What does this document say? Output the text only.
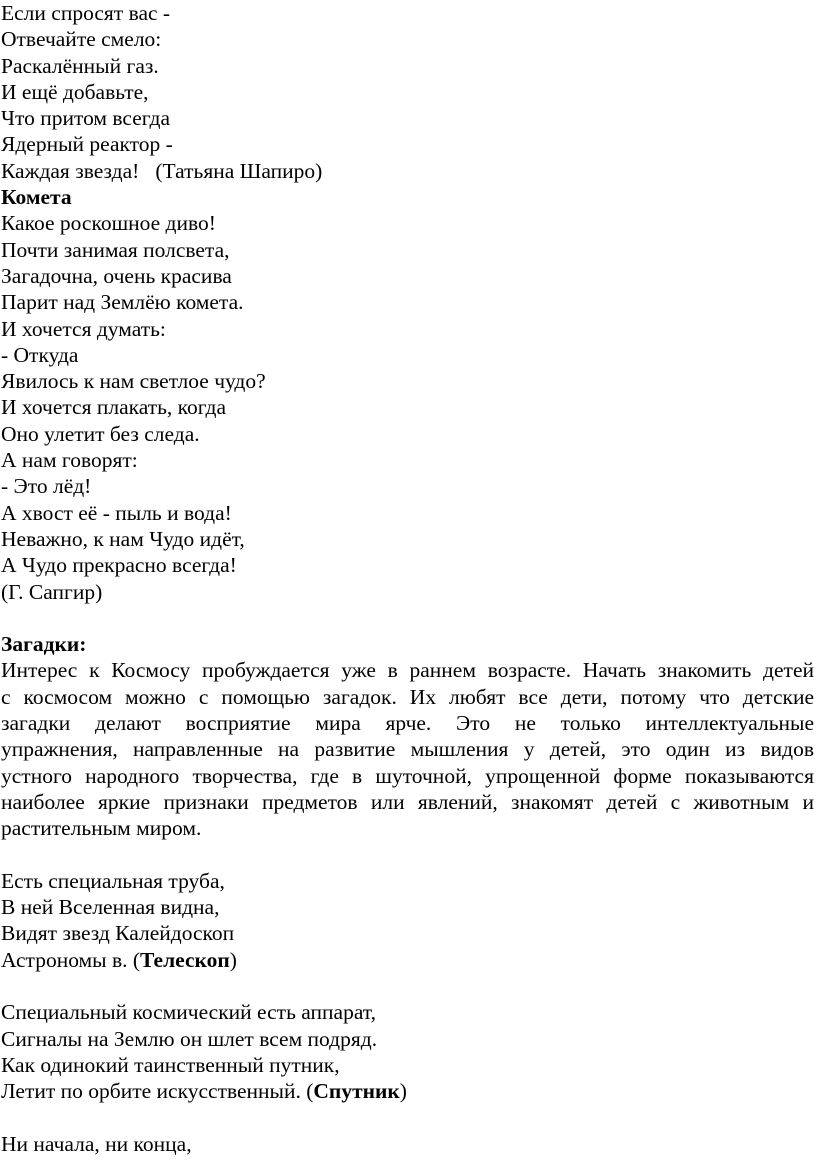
Если спросят вас -
Отвечайте смело:
Раскалённый газ.
И ещё добавьте,
Что притом всегда
Ядерный реактор -
Каждая звезда!   (Татьяна Шапиро)
Комета
Какое роскошное диво!
Почти занимая полсвета,
Загадочна, очень красива
Парит над Землёю комета.
И хочется думать:
- Откуда
Явилось к нам светлое чудо?
И хочется плакать, когда
Оно улетит без следа.
А нам говорят:
- Это лёд!
А хвост её - пыль и вода!
Неважно, к нам Чудо идёт,
А Чудо прекрасно всегда!
(Г. Сапгир)
Загадки:
Интерес к Космосу пробуждается уже в раннем возрасте. Начать знакомить детей
с космосом можно с помощью загадок. Их любят все дети, потому что детские
загадки делают восприятие мира ярче. Это не только интеллектуальные
упражнения, направленные на развитие мышления у детей, это один из видов
устного народного творчества, где в шуточной, упрощенной форме показываются
наиболее яркие признаки предметов или явлений, знакомят детей с животным и
растительным миром.
Есть специальная труба,
В ней Вселенная видна,
Видят звезд Калейдоскоп
Астрономы в. (Телескоп)
Специальный космический есть аппарат,
Сигналы на Землю он шлет всем подряд.
Как одинокий таинственный путник,
Летит по орбите искусственный. (Спутник)
Ни начала, ни конца,
